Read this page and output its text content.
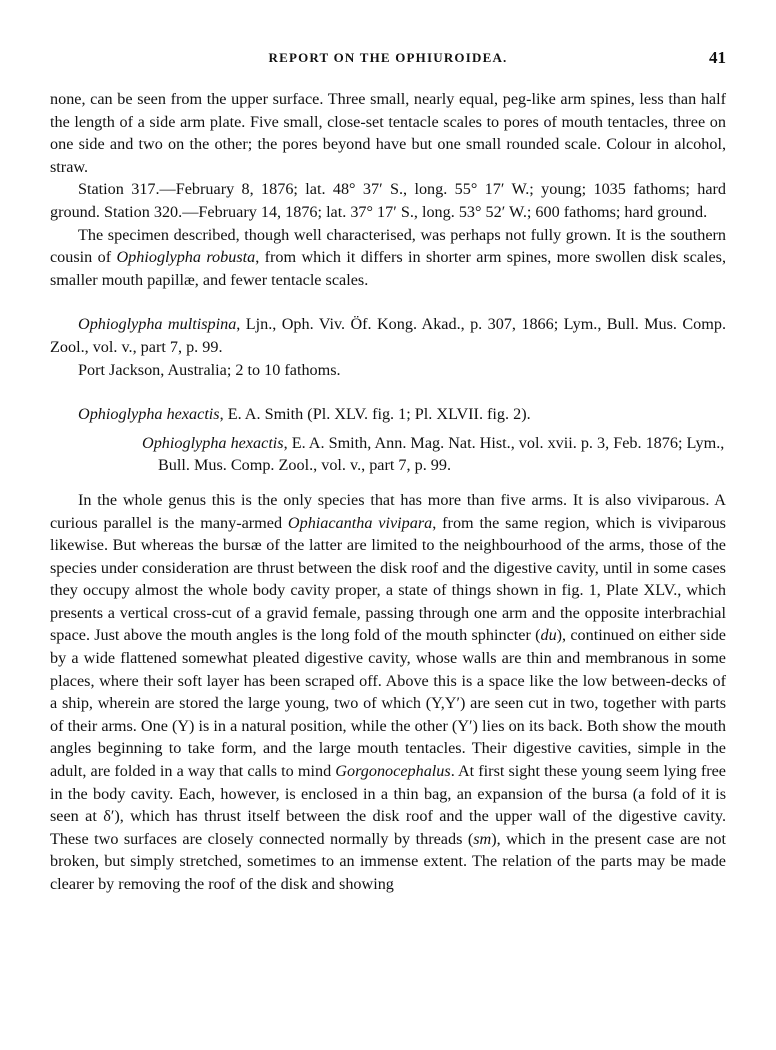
REPORT ON THE OPHIUROIDEA.	41

none, can be seen from the upper surface. Three small, nearly equal, peg-like arm spines, less than half the length of a side arm plate. Five small, close-set tentacle scales to pores of mouth tentacles, three on one side and two on the other; the pores beyond have but one small rounded scale. Colour in alcohol, straw.

Station 317.—February 8, 1876; lat. 48° 37′ S., long. 55° 17′ W.; young; 1035 fathoms; hard ground. Station 320.—February 14, 1876; lat. 37° 17′ S., long. 53° 52′ W.; 600 fathoms; hard ground.

The specimen described, though well characterised, was perhaps not fully grown. It is the southern cousin of Ophioglypha robusta, from which it differs in shorter arm spines, more swollen disk scales, smaller mouth papillæ, and fewer tentacle scales.

Ophioglypha multispina, Ljn., Oph. Viv. Öf. Kong. Akad., p. 307, 1866; Lym., Bull. Mus. Comp. Zool., vol. v., part 7, p. 99.

Port Jackson, Australia; 2 to 10 fathoms.

Ophioglypha hexactis, E. A. Smith (Pl. XLV. fig. 1; Pl. XLVII. fig. 2).

Ophioglypha hexactis, E. A. Smith, Ann. Mag. Nat. Hist., vol. xvii. p. 3, Feb. 1876; Lym.,

Bull. Mus. Comp. Zool., vol. v., part 7, p. 99.

In the whole genus this is the only species that has more than five arms. It is also viviparous. A curious parallel is the many-armed Ophiacantha vivipara, from the same region, which is viviparous likewise. But whereas the bursæ of the latter are limited to the neighbourhood of the arms, those of the species under consideration are thrust between the disk roof and the digestive cavity, until in some cases they occupy almost the whole body cavity proper, a state of things shown in fig. 1, Plate XLV., which presents a vertical cross-cut of a gravid female, passing through one arm and the opposite interbrachial space. Just above the mouth angles is the long fold of the mouth sphincter (du), continued on either side by a wide flattened somewhat pleated digestive cavity, whose walls are thin and membranous in some places, where their soft layer has been scraped off. Above this is a space like the low between-decks of a ship, wherein are stored the large young, two of which (Y,Y′) are seen cut in two, together with parts of their arms. One (Y) is in a natural position, while the other (Y′) lies on its back. Both show the mouth angles beginning to take form, and the large mouth tentacles. Their digestive cavities, simple in the adult, are folded in a way that calls to mind Gorgonocephalus. At first sight these young seem lying free in the body cavity. Each, however, is enclosed in a thin bag, an expansion of the bursa (a fold of it is seen at δ′), which has thrust itself between the disk roof and the upper wall of the digestive cavity. These two surfaces are closely connected normally by threads (sm), which in the present case are not broken, but simply stretched, sometimes to an immense extent. The relation of the parts may be made clearer by removing the roof of the disk and showing
